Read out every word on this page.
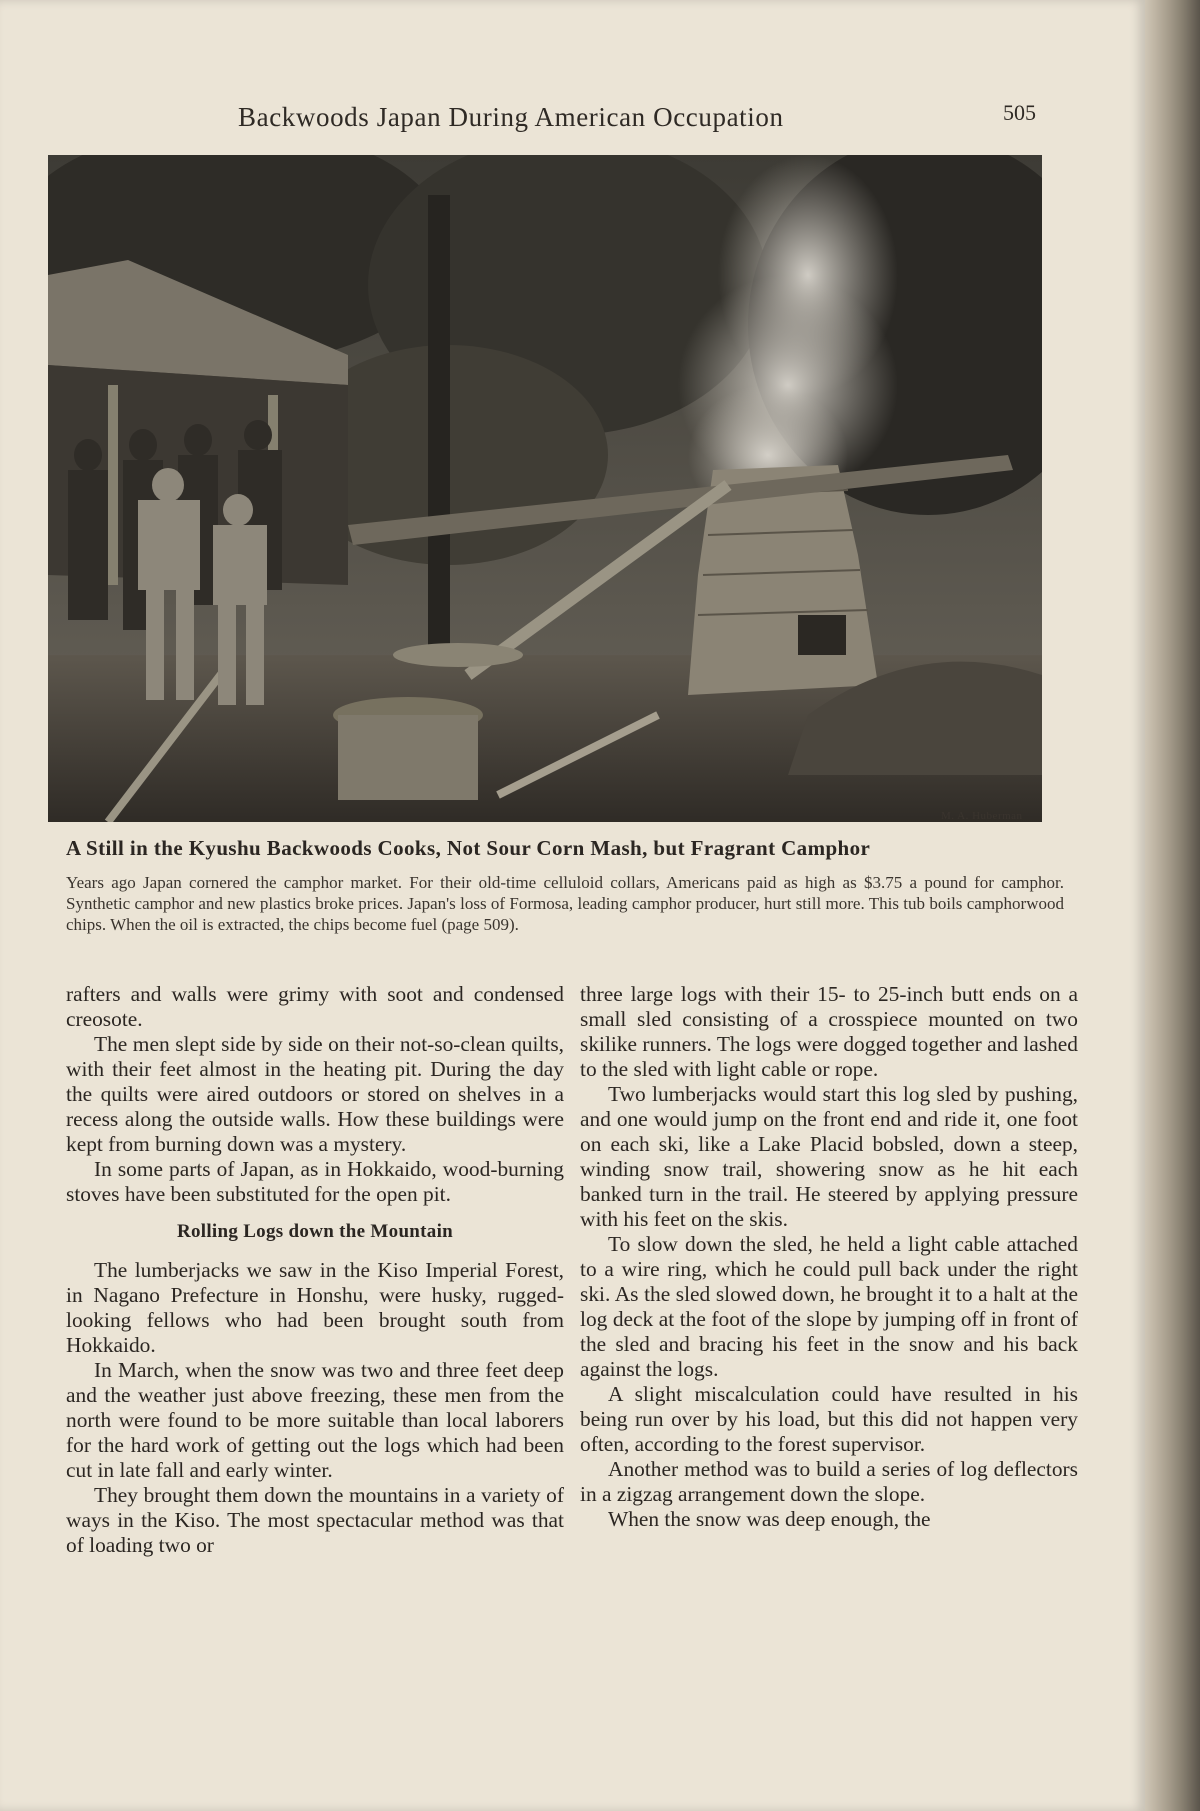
Backwoods Japan During American Occupation	505
M. A. Huberman
A Still in the Kyushu Backwoods Cooks, Not Sour Corn Mash, but Fragrant Camphor
Years ago Japan cornered the camphor market. For their old-time celluloid collars, Americans paid as high as $3.75 a pound for camphor. Synthetic camphor and new plastics broke prices. Japan's loss of Formosa, leading camphor producer, hurt still more. This tub boils camphorwood chips. When the oil is extracted, the chips become fuel (page 509).

rafters and walls were grimy with soot and condensed creosote.

The men slept side by side on their not-so-clean quilts, with their feet almost in the heating pit. During the day the quilts were aired outdoors or stored on shelves in a recess along the outside walls. How these buildings were kept from burning down was a mystery.

In some parts of Japan, as in Hokkaido, wood-burning stoves have been substituted for the open pit.

Rolling Logs down the Mountain

The lumberjacks we saw in the Kiso Imperial Forest, in Nagano Prefecture in Honshu, were husky, rugged-looking fellows who had been brought south from Hokkaido.

In March, when the snow was two and three feet deep and the weather just above freezing, these men from the north were found to be more suitable than local laborers for the hard work of getting out the logs which had been cut in late fall and early winter.

They brought them down the mountains in a variety of ways in the Kiso. The most spectacular method was that of loading two or

three large logs with their 15- to 25-inch butt ends on a small sled consisting of a crosspiece mounted on two skilike runners. The logs were dogged together and lashed to the sled with light cable or rope.

Two lumberjacks would start this log sled by pushing, and one would jump on the front end and ride it, one foot on each ski, like a Lake Placid bobsled, down a steep, winding snow trail, showering snow as he hit each banked turn in the trail. He steered by applying pressure with his feet on the skis.

To slow down the sled, he held a light cable attached to a wire ring, which he could pull back under the right ski. As the sled slowed down, he brought it to a halt at the log deck at the foot of the slope by jumping off in front of the sled and bracing his feet in the snow and his back against the logs.

A slight miscalculation could have resulted in his being run over by his load, but this did not happen very often, according to the forest supervisor.

Another method was to build a series of log deflectors in a zigzag arrangement down the slope.

When the snow was deep enough, the
